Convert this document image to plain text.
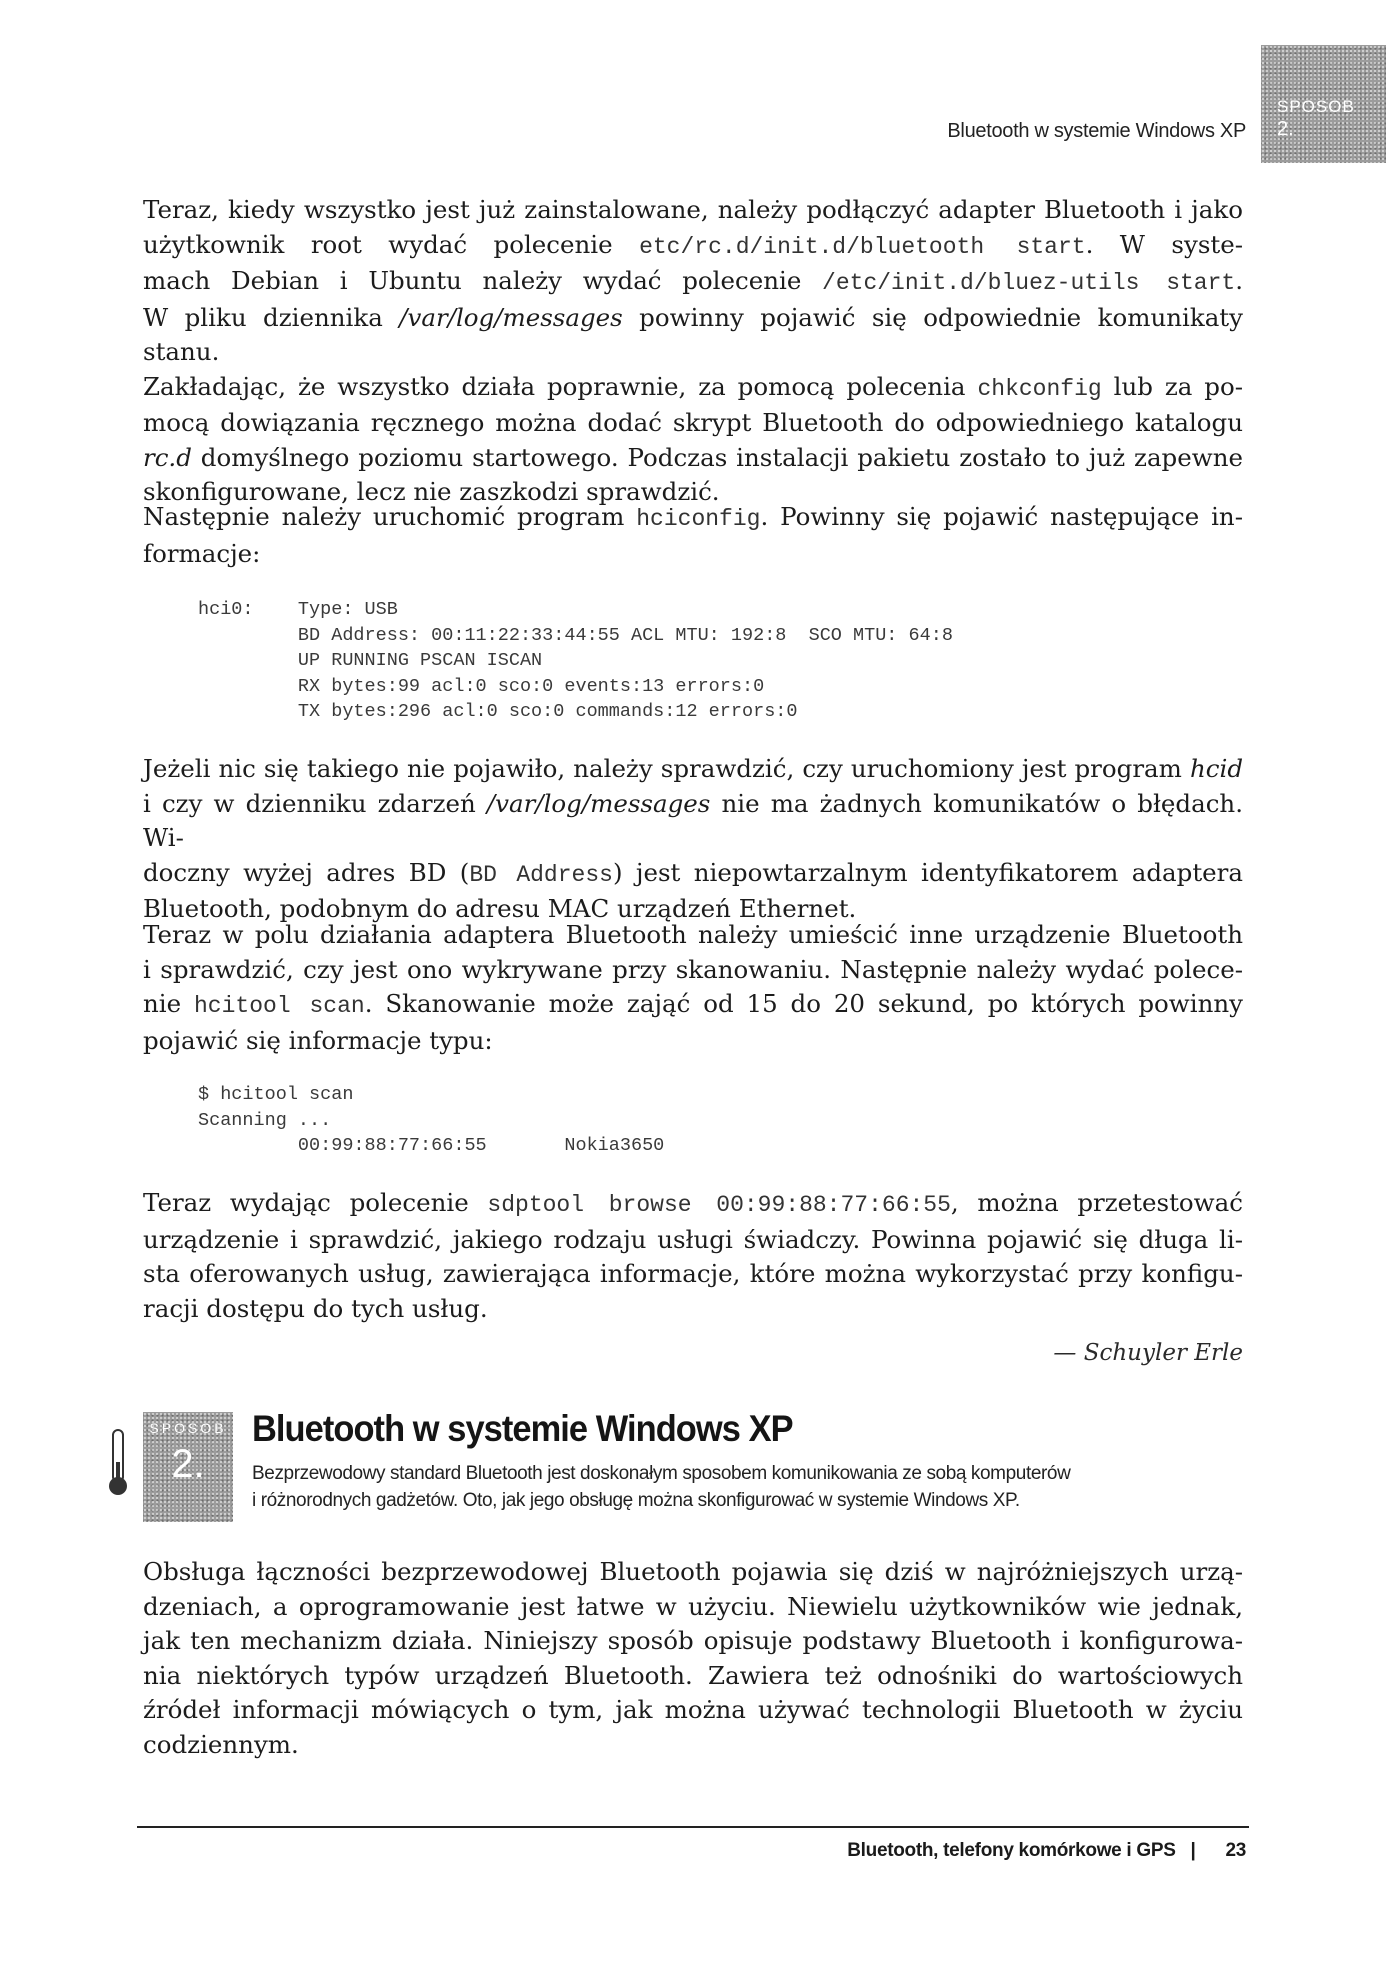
Bluetooth w systemie Windows XP
SPOSOB
2.
Teraz, kiedy wszystko jest już zainstalowane, należy podłączyć adapter Bluetooth i jako
użytkownik root wydać polecenie etc/rc.d/init.d/bluetooth start. W syste-
mach Debian i Ubuntu należy wydać polecenie /etc/init.d/bluez-utils start.
W pliku dziennika /var/log/messages powinny pojawić się odpowiednie komunikaty stanu.
Zakładając, że wszystko działa poprawnie, za pomocą polecenia chkconfig lub za po-
mocą dowiązania ręcznego można dodać skrypt Bluetooth do odpowiedniego katalogu
rc.d domyślnego poziomu startowego. Podczas instalacji pakietu zostało to już zapewne
skonfigurowane, lecz nie zaszkodzi sprawdzić.
Następnie należy uruchomić program hciconfig. Powinny się pojawić następujące in-
formacje:
hci0:    Type: USB
BD Address: 00:11:22:33:44:55 ACL MTU: 192:8  SCO MTU: 64:8
UP RUNNING PSCAN ISCAN
RX bytes:99 acl:0 sco:0 events:13 errors:0
TX bytes:296 acl:0 sco:0 commands:12 errors:0
Jeżeli nic się takiego nie pojawiło, należy sprawdzić, czy uruchomiony jest program hcid
i czy w dzienniku zdarzeń /var/log/messages nie ma żadnych komunikatów o błędach. Wi-
doczny wyżej adres BD (BD Address) jest niepowtarzalnym identyfikatorem adaptera
Bluetooth, podobnym do adresu MAC urządzeń Ethernet.
Teraz w polu działania adaptera Bluetooth należy umieścić inne urządzenie Bluetooth
i sprawdzić, czy jest ono wykrywane przy skanowaniu. Następnie należy wydać polece-
nie hcitool scan. Skanowanie może zająć od 15 do 20 sekund, po których powinny
pojawić się informacje typu:
$ hcitool scan
Scanning ...
00:99:88:77:66:55       Nokia3650
Teraz wydając polecenie sdptool browse 00:99:88:77:66:55, można przetestować
urządzenie i sprawdzić, jakiego rodzaju usługi świadczy. Powinna pojawić się długa li-
sta oferowanych usług, zawierająca informacje, które można wykorzystać przy konfigu-
racji dostępu do tych usług.
— Schuyler Erle
SPOSOB
2.
Bluetooth w systemie Windows XP
Bezprzewodowy standard Bluetooth jest doskonałym sposobem komunikowania ze sobą komputerów
i różnorodnych gadżetów. Oto, jak jego obsługę można skonfigurować w systemie Windows XP.
Obsługa łączności bezprzewodowej Bluetooth pojawia się dziś w najróżniejszych urzą-
dzeniach, a oprogramowanie jest łatwe w użyciu. Niewielu użytkowników wie jednak,
jak ten mechanizm działa. Niniejszy sposób opisuje podstawy Bluetooth i konfigurowa-
nia niektórych typów urządzeń Bluetooth. Zawiera też odnośniki do wartościowych
źródeł informacji mówiących o tym, jak można używać technologii Bluetooth w życiu
codziennym.
Bluetooth, telefony komórkowe i GPS | 23
